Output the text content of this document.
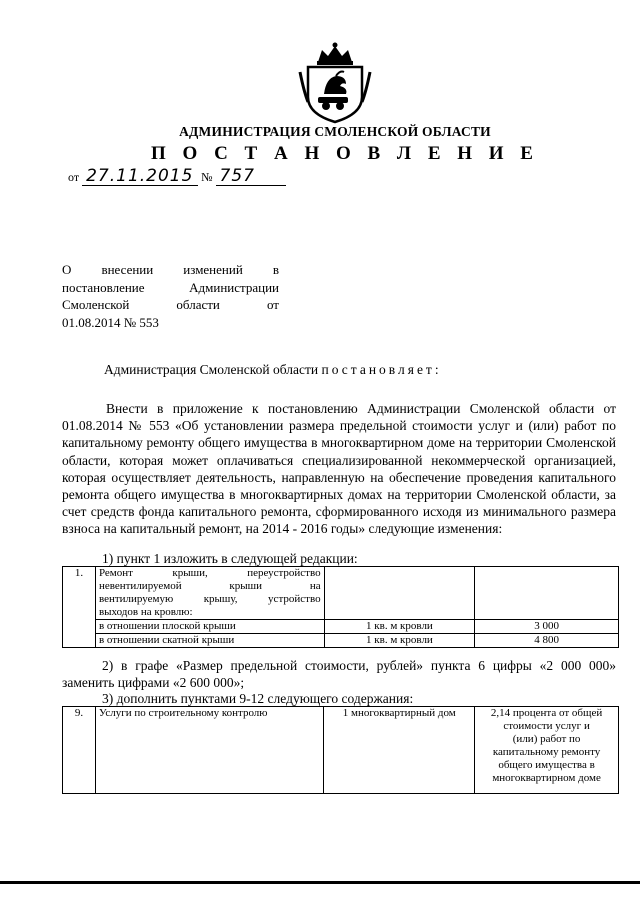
АДМИНИСТРАЦИЯ СМОЛЕНСКОЙ ОБЛАСТИ
П О С Т А Н О В Л Е Н И Е
от 27.11.2015 № 757
О внесении изменений в
постановление Администрации
Смоленской области от
01.08.2014 № 553
Администрация Смоленской области постановляет:

Внести в приложение к постановлению Администрации Смоленской области от 01.08.2014 № 553 «Об установлении размера предельной стоимости услуг и (или) работ по капитальному ремонту общего имущества в многоквартирном доме на территории Смоленской области, которая может оплачиваться специализированной некоммерческой организацией, которая осуществляет деятельность, направленную на обеспечение проведения капитального ремонта общего имущества в многоквартирных домах на территории Смоленской области, за счет средств фонда капитального ремонта, сформированного исходя из минимального размера взноса на капитальный ремонт, на 2014 - 2016 годы» следующие изменения:

1) пункт 1 изложить в следующей редакции:
1.	Ремонт крыши, переустройство
невентилируемой крыши на
вентилируемую крышу, устройство
выходов на кровлю:		

	в отношении плоской крыши	1 кв. м кровли	3 000
	в отношении скатной крыши	1 кв. м кровли	4 800

2) в графе «Размер предельной стоимости, рублей» пункта 6 цифры «2 000 000» заменить цифрами «2 600 000»;

3) дополнить пунктами 9-12 следующего содержания:
9.	Услуги по строительному контролю	1 многоквартирный дом	2,14 процента от общей
стоимости услуг и
(или) работ по
капитальному ремонту
общего имущества в
многоквартирном доме
